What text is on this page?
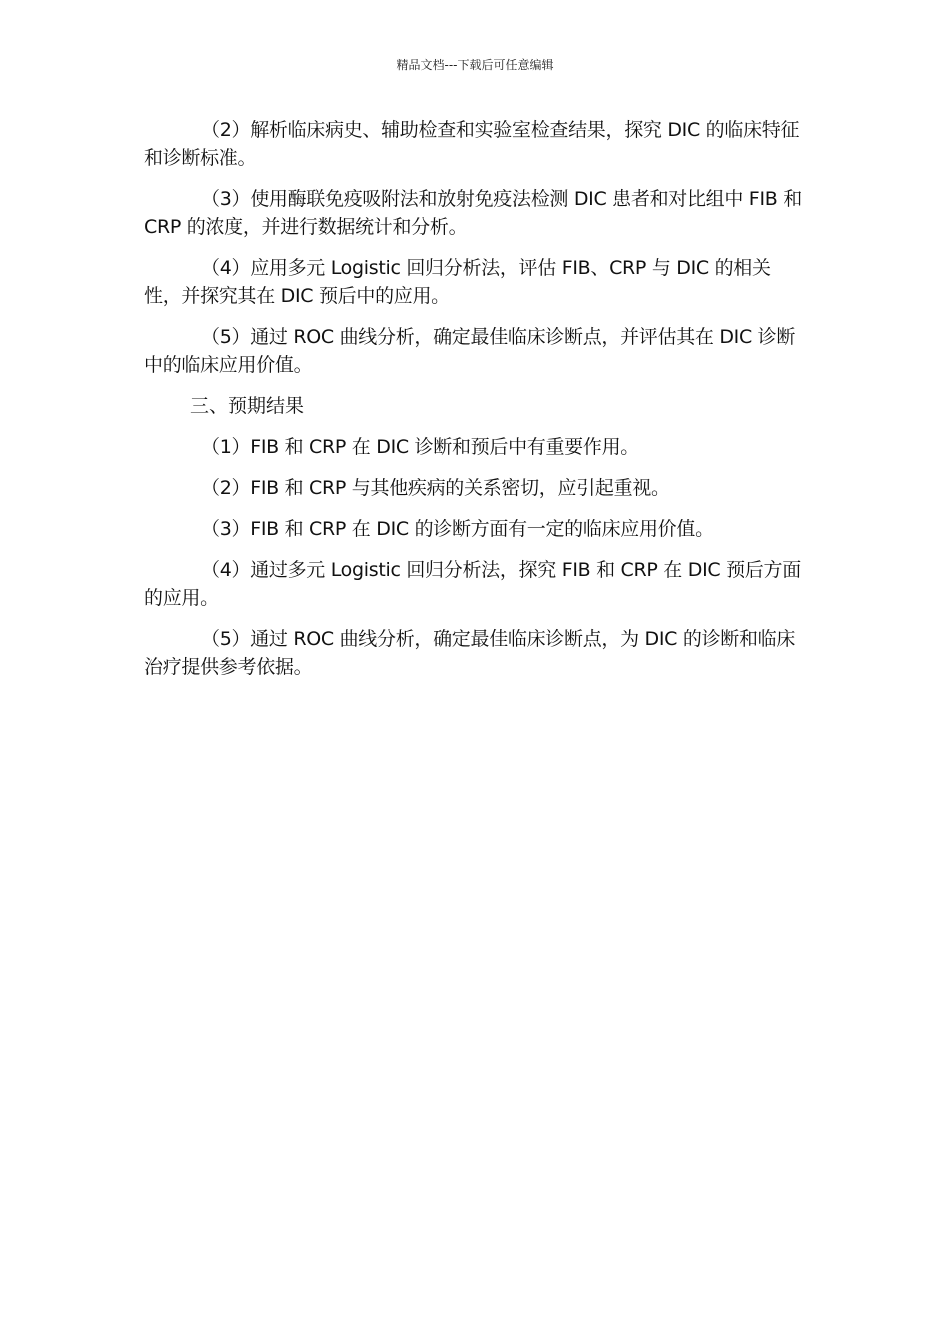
精品文档---下载后可任意编辑

（2）解析临床病史、辅助检查和实验室检查结果，探究 DIC 的临床特征和诊断标准。

（3）使用酶联免疫吸附法和放射免疫法检测 DIC 患者和对比组中 FIB 和 CRP 的浓度，并进行数据统计和分析。

（4）应用多元 Logistic 回归分析法，评估 FIB、CRP 与 DIC 的相关性，并探究其在 DIC 预后中的应用。

（5）通过 ROC 曲线分析，确定最佳临床诊断点，并评估其在 DIC 诊断中的临床应用价值。

三、预期结果

（1）FIB 和 CRP 在 DIC 诊断和预后中有重要作用。

（2）FIB 和 CRP 与其他疾病的关系密切，应引起重视。

（3）FIB 和 CRP 在 DIC 的诊断方面有一定的临床应用价值。

（4）通过多元 Logistic 回归分析法，探究 FIB 和 CRP 在 DIC 预后方面的应用。

（5）通过 ROC 曲线分析，确定最佳临床诊断点，为 DIC 的诊断和临床治疗提供参考依据。
